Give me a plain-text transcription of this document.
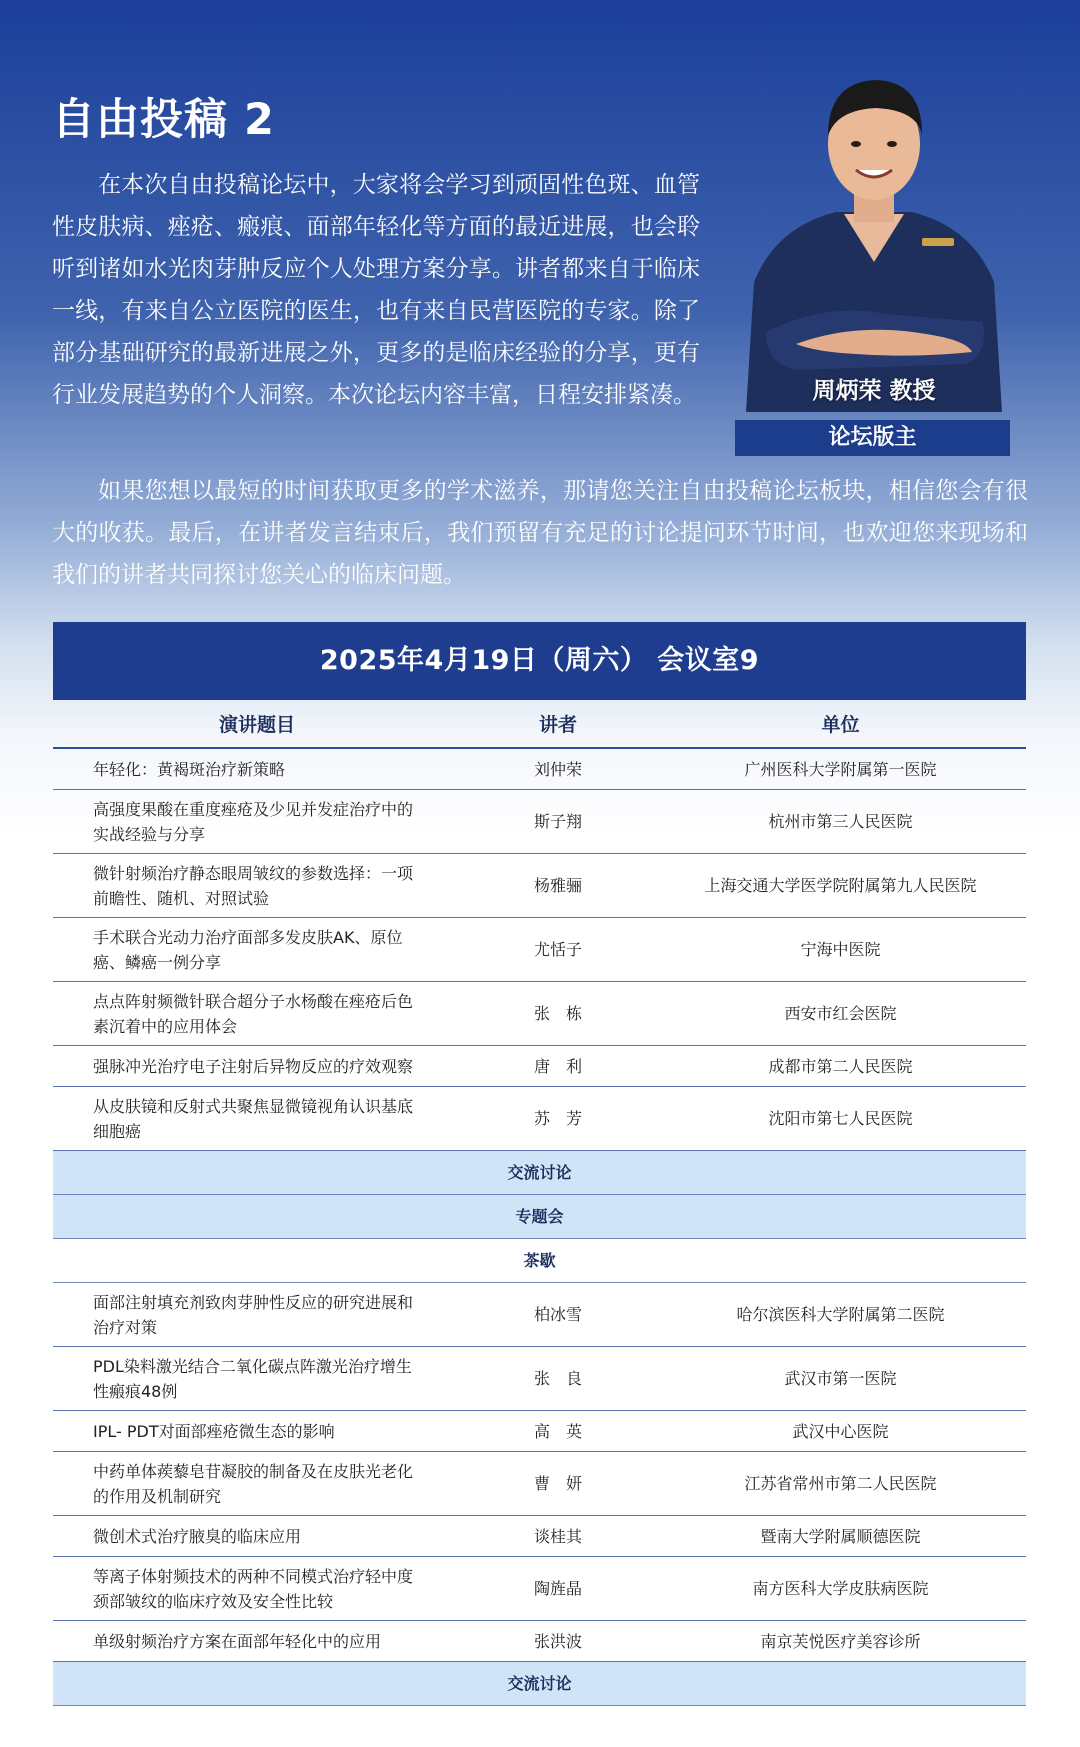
自由投稿 2

在本次自由投稿论坛中，大家将会学习到顽固性色斑、血管性皮肤病、痤疮、瘢痕、面部年轻化等方面的最近进展，也会聆听到诸如水光肉芽肿反应个人处理方案分享。讲者都来自于临床一线，有来自公立医院的医生，也有来自民营医院的专家。除了部分基础研究的最新进展之外，更多的是临床经验的分享，更有行业发展趋势的个人洞察。本次论坛内容丰富，日程安排紧凑。	周炳荣 教授
论坛版主

如果您想以最短的时间获取更多的学术滋养，那请您关注自由投稿论坛板块，相信您会有很大的收获。最后，在讲者发言结束后，我们预留有充足的讨论提问环节时间，也欢迎您来现场和我们的讲者共同探讨您关心的临床问题。

2025年4月19日（周六） 会议室9
演讲题目	讲者	单位
年轻化：黄褐斑治疗新策略	刘仲荣	广州医科大学附属第一医院
高强度果酸在重度痤疮及少见并发症治疗中的实战经验与分享	斯子翔	杭州市第三人民医院
微针射频治疗静态眼周皱纹的参数选择：一项前瞻性、随机、对照试验	杨雅骊	上海交通大学医学院附属第九人民医院
手术联合光动力治疗面部多发皮肤AK、原位癌、鳞癌一例分享	尤恬子	宁海中医院
点点阵射频微针联合超分子水杨酸在痤疮后色素沉着中的应用体会	张　栋	西安市红会医院
强脉冲光治疗电子注射后异物反应的疗效观察	唐　利	成都市第二人民医院
从皮肤镜和反射式共聚焦显微镜视角认识基底细胞癌	苏　芳	沈阳市第七人民医院
交流讨论		
专题会		
茶歇		
面部注射填充剂致肉芽肿性反应的研究进展和治疗对策	柏冰雪	哈尔滨医科大学附属第二医院
PDL染料激光结合二氧化碳点阵激光治疗增生性瘢痕48例	张　良	武汉市第一医院
IPL- PDT对面部痤疮微生态的影响	高　英	武汉中心医院
中药单体蒺藜皂苷凝胶的制备及在皮肤光老化的作用及机制研究	曹　妍	江苏省常州市第二人民医院
微创术式治疗腋臭的临床应用	谈桂其	暨南大学附属顺德医院
等离子体射频技术的两种不同模式治疗轻中度颈部皱纹的临床疗效及安全性比较	陶旌晶	南方医科大学皮肤病医院
单级射频治疗方案在面部年轻化中的应用	张洪波	南京芙悦医疗美容诊所
交流讨论		
